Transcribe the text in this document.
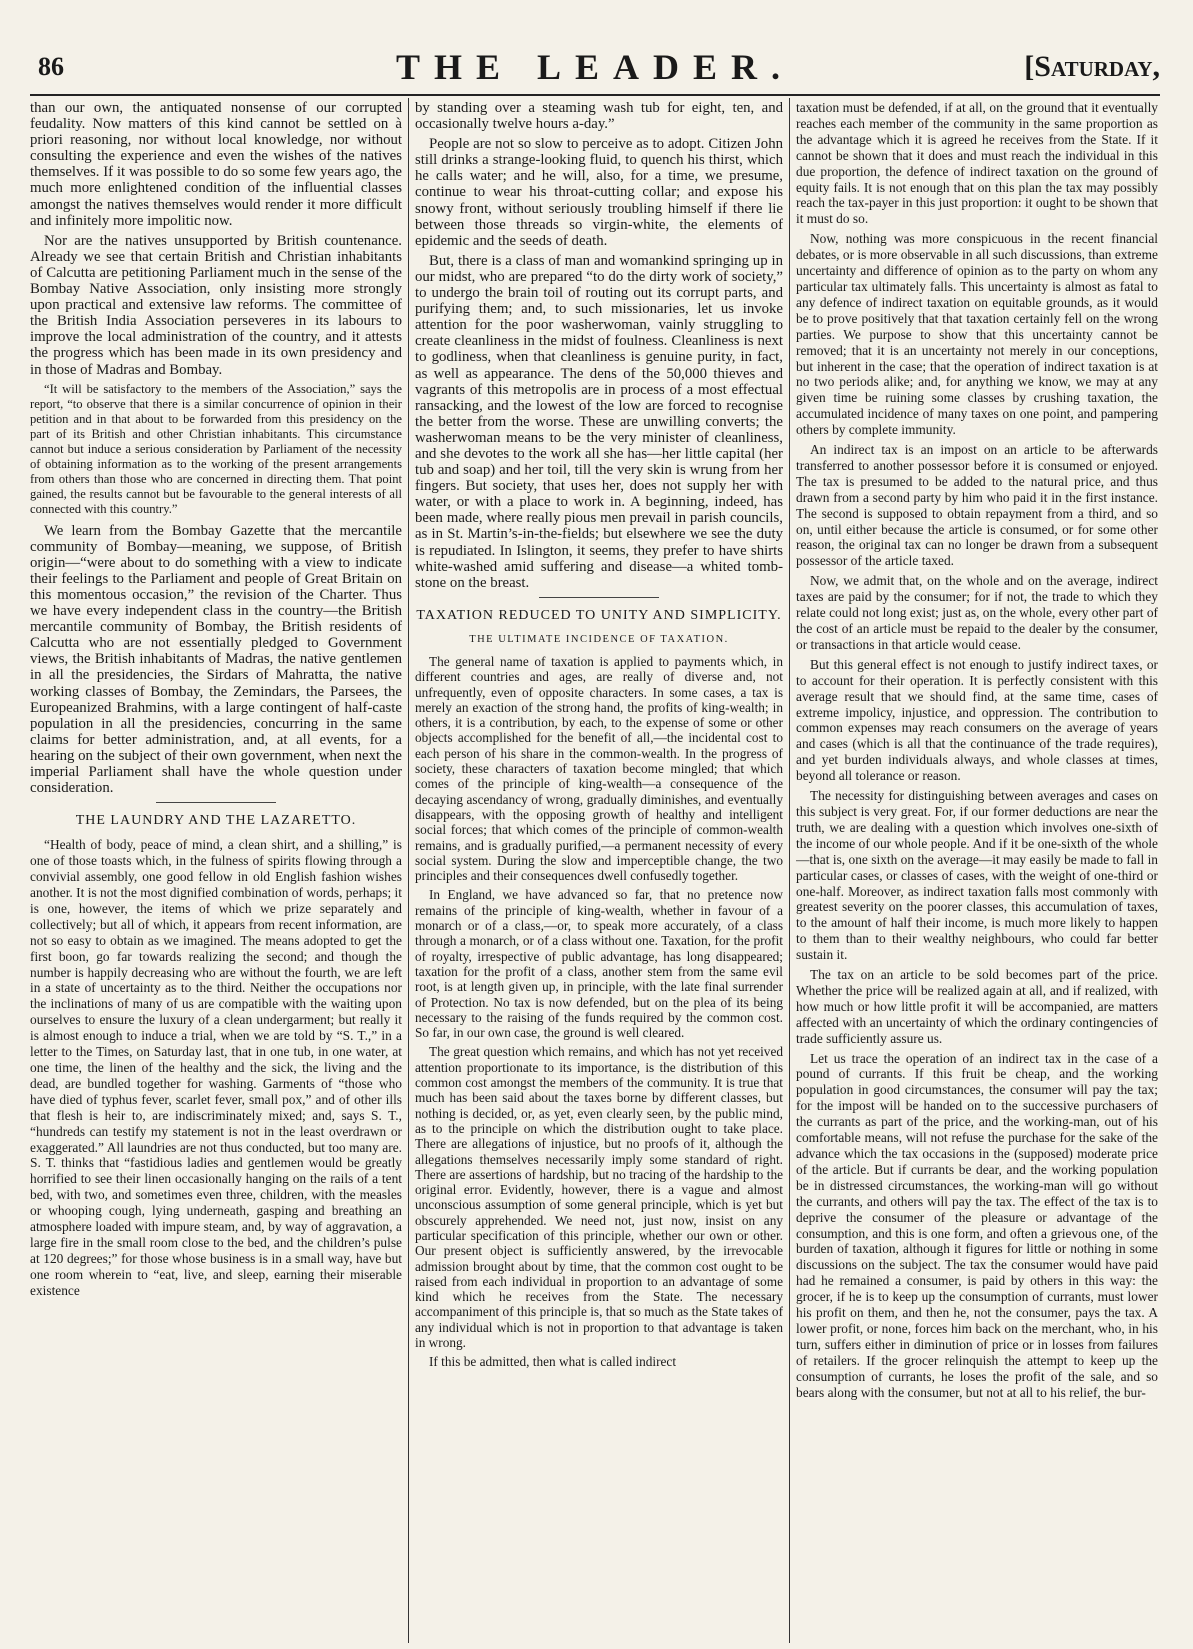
86	THE LEADER.	[Saturday,

than our own, the antiquated nonsense of our corrupted feudality. Now matters of this kind cannot be settled on à priori reasoning, nor without local knowledge, nor without consulting the experience and even the wishes of the natives themselves. If it was possible to do so some few years ago, the much more enlightened condition of the influential classes amongst the natives themselves would render it more difficult and infinitely more impolitic now.

Nor are the natives unsupported by British countenance. Already we see that certain British and Christian inhabitants of Calcutta are petitioning Parliament much in the sense of the Bombay Native Association, only insisting more strongly upon practical and extensive law reforms. The committee of the British India Association perseveres in its labours to improve the local administration of the country, and it attests the progress which has been made in its own presidency and in those of Madras and Bombay.

“It will be satisfactory to the members of the Association,” says the report, “to observe that there is a similar concurrence of opinion in their petition and in that about to be forwarded from this presidency on the part of its British and other Christian inhabitants. This circumstance cannot but induce a serious consideration by Parliament of the necessity of obtaining information as to the working of the present arrangements from others than those who are concerned in directing them. That point gained, the results cannot but be favourable to the general interests of all connected with this country.”

We learn from the Bombay Gazette that the mercantile community of Bombay—meaning, we suppose, of British origin—“were about to do something with a view to indicate their feelings to the Parliament and people of Great Britain on this momentous occasion,” the revision of the Charter. Thus we have every independent class in the country—the British mercantile community of Bombay, the British residents of Calcutta who are not essentially pledged to Government views, the British inhabitants of Madras, the native gentlemen in all the presidencies, the Sirdars of Mahratta, the native working classes of Bombay, the Zemindars, the Parsees, the Europeanized Brahmins, with a large contingent of half-caste population in all the presidencies, concurring in the same claims for better administration, and, at all events, for a hearing on the subject of their own government, when next the imperial Parliament shall have the whole question under consideration.

THE LAUNDRY AND THE LAZARETTO.

“Health of body, peace of mind, a clean shirt, and a shilling,” is one of those toasts which, in the fulness of spirits flowing through a convivial assembly, one good fellow in old English fashion wishes another. It is not the most dignified combination of words, perhaps; it is one, however, the items of which we prize separately and collectively; but all of which, it appears from recent information, are not so easy to obtain as we imagined. The means adopted to get the first boon, go far towards realizing the second; and though the number is happily decreasing who are without the fourth, we are left in a state of uncertainty as to the third. Neither the occupations nor the inclinations of many of us are compatible with the waiting upon ourselves to ensure the luxury of a clean undergarment; but really it is almost enough to induce a trial, when we are told by “S. T.,” in a letter to the Times, on Saturday last, that in one tub, in one water, at one time, the linen of the healthy and the sick, the living and the dead, are bundled together for washing. Garments of “those who have died of typhus fever, scarlet fever, small pox,” and of other ills that flesh is heir to, are indiscriminately mixed; and, says S. T., “hundreds can testify my statement is not in the least overdrawn or exaggerated.” All laundries are not thus conducted, but too many are. S. T. thinks that “fastidious ladies and gentlemen would be greatly horrified to see their linen occasionally hanging on the rails of a tent bed, with two, and sometimes even three, children, with the measles or whooping cough, lying underneath, gasping and breathing an atmosphere loaded with impure steam, and, by way of aggravation, a large fire in the small room close to the bed, and the children’s pulse at 120 degrees;” for those whose business is in a small way, have but one room wherein to “eat, live, and sleep, earning their miserable existence

by standing over a steaming wash tub for eight, ten, and occasionally twelve hours a-day.”

People are not so slow to perceive as to adopt. Citizen John still drinks a strange-looking fluid, to quench his thirst, which he calls water; and he will, also, for a time, we presume, continue to wear his throat-cutting collar; and expose his snowy front, without seriously troubling himself if there lie between those threads so virgin-white, the elements of epidemic and the seeds of death.

But, there is a class of man and womankind springing up in our midst, who are prepared “to do the dirty work of society,” to undergo the brain toil of routing out its corrupt parts, and purifying them; and, to such missionaries, let us invoke attention for the poor washerwoman, vainly struggling to create cleanliness in the midst of foulness. Cleanliness is next to godliness, when that cleanliness is genuine purity, in fact, as well as appearance. The dens of the 50,000 thieves and vagrants of this metropolis are in process of a most effectual ransacking, and the lowest of the low are forced to recognise the better from the worse. These are unwilling converts; the washerwoman means to be the very minister of cleanliness, and she devotes to the work all she has—her little capital (her tub and soap) and her toil, till the very skin is wrung from her fingers. But society, that uses her, does not supply her with water, or with a place to work in. A beginning, indeed, has been made, where really pious men prevail in parish councils, as in St. Martin’s-in-the-fields; but elsewhere we see the duty is repudiated. In Islington, it seems, they prefer to have shirts white-washed amid suffering and disease—a whited tomb-stone on the breast.

TAXATION REDUCED TO UNITY AND SIMPLICITY.
THE ULTIMATE INCIDENCE OF TAXATION.

The general name of taxation is applied to payments which, in different countries and ages, are really of diverse and, not unfrequently, even of opposite characters. In some cases, a tax is merely an exaction of the strong hand, the profits of king-wealth; in others, it is a contribution, by each, to the expense of some or other objects accomplished for the benefit of all,—the incidental cost to each person of his share in the common-wealth. In the progress of society, these characters of taxation become mingled; that which comes of the principle of king-wealth—a consequence of the decaying ascendancy of wrong, gradually diminishes, and eventually disappears, with the opposing growth of healthy and intelligent social forces; that which comes of the principle of common-wealth remains, and is gradually purified,—a permanent necessity of every social system. During the slow and imperceptible change, the two principles and their consequences dwell confusedly together.

In England, we have advanced so far, that no pretence now remains of the principle of king-wealth, whether in favour of a monarch or of a class,—or, to speak more accurately, of a class through a monarch, or of a class without one. Taxation, for the profit of royalty, irrespective of public advantage, has long disappeared; taxation for the profit of a class, another stem from the same evil root, is at length given up, in principle, with the late final surrender of Protection. No tax is now defended, but on the plea of its being necessary to the raising of the funds required by the common cost. So far, in our own case, the ground is well cleared.

The great question which remains, and which has not yet received attention proportionate to its importance, is the distribution of this common cost amongst the members of the community. It is true that much has been said about the taxes borne by different classes, but nothing is decided, or, as yet, even clearly seen, by the public mind, as to the principle on which the distribution ought to take place. There are allegations of injustice, but no proofs of it, although the allegations themselves necessarily imply some standard of right. There are assertions of hardship, but no tracing of the hardship to the original error. Evidently, however, there is a vague and almost unconscious assumption of some general principle, which is yet but obscurely apprehended. We need not, just now, insist on any particular specification of this principle, whether our own or other. Our present object is sufficiently answered, by the irrevocable admission brought about by time, that the common cost ought to be raised from each individual in proportion to an advantage of some kind which he receives from the State. The necessary accompaniment of this principle is, that so much as the State takes of any individual which is not in proportion to that advantage is taken in wrong.

If this be admitted, then what is called indirect

taxation must be defended, if at all, on the ground that it eventually reaches each member of the community in the same proportion as the advantage which it is agreed he receives from the State. If it cannot be shown that it does and must reach the individual in this due proportion, the defence of indirect taxation on the ground of equity fails. It is not enough that on this plan the tax may possibly reach the tax-payer in this just proportion: it ought to be shown that it must do so.

Now, nothing was more conspicuous in the recent financial debates, or is more observable in all such discussions, than extreme uncertainty and difference of opinion as to the party on whom any particular tax ultimately falls. This uncertainty is almost as fatal to any defence of indirect taxation on equitable grounds, as it would be to prove positively that that taxation certainly fell on the wrong parties. We purpose to show that this uncertainty cannot be removed; that it is an uncertainty not merely in our conceptions, but inherent in the case; that the operation of indirect taxation is at no two periods alike; and, for anything we know, we may at any given time be ruining some classes by crushing taxation, the accumulated incidence of many taxes on one point, and pampering others by complete immunity.

An indirect tax is an impost on an article to be afterwards transferred to another possessor before it is consumed or enjoyed. The tax is presumed to be added to the natural price, and thus drawn from a second party by him who paid it in the first instance. The second is supposed to obtain repayment from a third, and so on, until either because the article is consumed, or for some other reason, the original tax can no longer be drawn from a subsequent possessor of the article taxed.

Now, we admit that, on the whole and on the average, indirect taxes are paid by the consumer; for if not, the trade to which they relate could not long exist; just as, on the whole, every other part of the cost of an article must be repaid to the dealer by the consumer, or transactions in that article would cease.

But this general effect is not enough to justify indirect taxes, or to account for their operation. It is perfectly consistent with this average result that we should find, at the same time, cases of extreme impolicy, injustice, and oppression. The contribution to common expenses may reach consumers on the average of years and cases (which is all that the continuance of the trade requires), and yet burden individuals always, and whole classes at times, beyond all tolerance or reason.

The necessity for distinguishing between averages and cases on this subject is very great. For, if our former deductions are near the truth, we are dealing with a question which involves one-sixth of the income of our whole people. And if it be one-sixth of the whole—that is, one sixth on the average—it may easily be made to fall in particular cases, or classes of cases, with the weight of one-third or one-half. Moreover, as indirect taxation falls most commonly with greatest severity on the poorer classes, this accumulation of taxes, to the amount of half their income, is much more likely to happen to them than to their wealthy neighbours, who could far better sustain it.

The tax on an article to be sold becomes part of the price. Whether the price will be realized again at all, and if realized, with how much or how little profit it will be accompanied, are matters affected with an uncertainty of which the ordinary contingencies of trade sufficiently assure us.

Let us trace the operation of an indirect tax in the case of a pound of currants. If this fruit be cheap, and the working population in good circumstances, the consumer will pay the tax; for the impost will be handed on to the successive purchasers of the currants as part of the price, and the working-man, out of his comfortable means, will not refuse the purchase for the sake of the advance which the tax occasions in the (supposed) moderate price of the article. But if currants be dear, and the working population be in distressed circumstances, the working-man will go without the currants, and others will pay the tax. The effect of the tax is to deprive the consumer of the pleasure or advantage of the consumption, and this is one form, and often a grievous one, of the burden of taxation, although it figures for little or nothing in some discussions on the subject. The tax the consumer would have paid had he remained a consumer, is paid by others in this way: the grocer, if he is to keep up the consumption of currants, must lower his profit on them, and then he, not the consumer, pays the tax. A lower profit, or none, forces him back on the merchant, who, in his turn, suffers either in diminution of price or in losses from failures of retailers. If the grocer relinquish the attempt to keep up the consumption of currants, he loses the profit of the sale, and so bears along with the consumer, but not at all to his relief, the bur-
